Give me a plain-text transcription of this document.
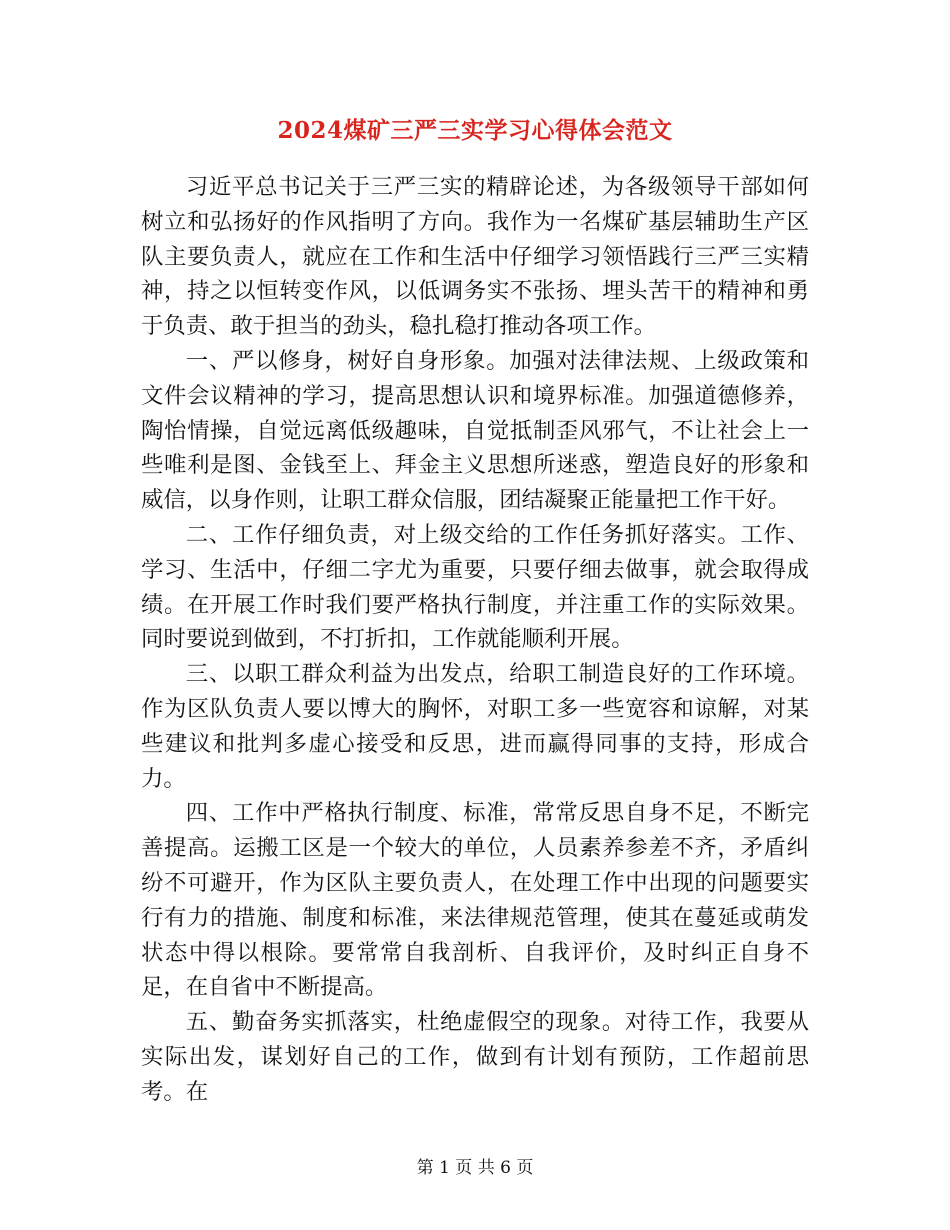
2024煤矿三严三实学习心得体会范文

习近平总书记关于三严三实的精辟论述，为各级领导干部如何树立和弘扬好的作风指明了方向。我作为一名煤矿基层辅助生产区队主要负责人，就应在工作和生活中仔细学习领悟践行三严三实精神，持之以恒转变作风，以低调务实不张扬、埋头苦干的精神和勇于负责、敢于担当的劲头，稳扎稳打推动各项工作。

一、严以修身，树好自身形象。加强对法律法规、上级政策和文件会议精神的学习，提高思想认识和境界标准。加强道德修养，陶怡情操，自觉远离低级趣味，自觉抵制歪风邪气，不让社会上一些唯利是图、金钱至上、拜金主义思想所迷惑，塑造良好的形象和威信，以身作则，让职工群众信服，团结凝聚正能量把工作干好。

二、工作仔细负责，对上级交给的工作任务抓好落实。工作、学习、生活中，仔细二字尤为重要，只要仔细去做事，就会取得成绩。在开展工作时我们要严格执行制度，并注重工作的实际效果。同时要说到做到，不打折扣，工作就能顺利开展。

三、以职工群众利益为出发点，给职工制造良好的工作环境。作为区队负责人要以博大的胸怀，对职工多一些宽容和谅解，对某些建议和批判多虚心接受和反思，进而赢得同事的支持，形成合力。

四、工作中严格执行制度、标准，常常反思自身不足，不断完善提高。运搬工区是一个较大的单位，人员素养参差不齐，矛盾纠纷不可避开，作为区队主要负责人，在处理工作中出现的问题要实行有力的措施、制度和标准，来法律规范管理，使其在蔓延或萌发状态中得以根除。要常常自我剖析、自我评价，及时纠正自身不足，在自省中不断提高。

五、勤奋务实抓落实，杜绝虚假空的现象。对待工作，我要从实际出发，谋划好自己的工作，做到有计划有预防，工作超前思考。在

第 1 页 共 6 页
